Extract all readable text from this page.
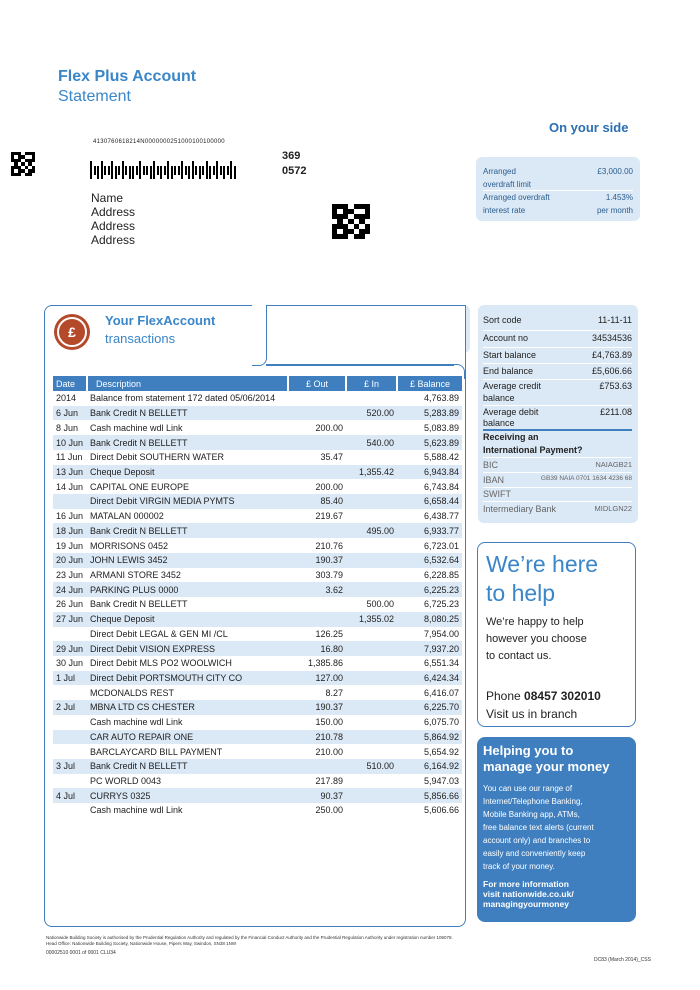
Flex Plus Account
Statement
On your side
4130760618214N0000000251000100100000
369
0572
Name
Address
Address
Address
Arranged	£3,000.00
overdraft limit
Arranged overdraft	1.453%
interest rate	per month
£
Your FlexAccount
transactions
Date	Description	£ Out	£ In	£ Balance
2014	Balance from statement 172 dated 05/06/2014			4,763.89
6 Jun	Bank Credit N BELLETT		520.00	5,283.89
8 Jun	Cash machine wdl Link	200.00		5,083.89
10 Jun	Bank Credit N BELLETT		540.00	5,623.89
11 Jun	Direct Debit SOUTHERN WATER	35.47		5,588.42
13 Jun	Cheque Deposit		1,355.42	6,943.84
14 Jun	CAPITAL ONE EUROPE	200.00		6,743.84
	Direct Debit VIRGIN MEDIA PYMTS	85.40		6,658.44
16 Jun	MATALAN 000002	219.67		6,438.77
18 Jun	Bank Credit N BELLETT		495.00	6,933.77
19 Jun	MORRISONS 0452	210.76		6,723.01
20 Jun	JOHN LEWIS 3452	190.37		6,532.64
23 Jun	ARMANI STORE 3452	303.79		6,228.85
24 Jun	PARKING PLUS 0000	3.62		6,225.23
26 Jun	Bank Credit N BELLETT		500.00	6,725.23
27 Jun	Cheque Deposit		1,355.02	8,080.25
	Direct Debit LEGAL & GEN MI /CL	126.25		7,954.00
29 Jun	Direct Debit VISION EXPRESS	16.80		7,937.20
30 Jun	Direct Debit MLS PO2 WOOLWICH	1,385.86		6,551.34
1 Jul	Direct Debit PORTSMOUTH CITY CO	127.00		6,424.34
	MCDONALDS REST	8.27		6,416.07
2 Jul	MBNA LTD CS CHESTER	190.37		6,225.70
	Cash machine wdl Link	150.00		6,075.70
	CAR AUTO REPAIR ONE	210.78		5,864.92
	BARCLAYCARD BILL PAYMENT	210.00		5,654.92
3 Jul	Bank Credit N BELLETT		510.00	6,164.92
	PC WORLD 0043	217.89		5,947.03
4 Jul	CURRYS 0325	90.37		5,856.66
	Cash machine wdl Link	250.00		5,606.66
Sort code	11-11-11
Account no	34534536
Start balance	£4,763.89
End balance	£5,606.66
Average credit	£753.63
balance
Average debit	£211.08
balance
Receiving an
International Payment?
BIC	NAIAGB21
IBAN	GB39 NAIA 0701 1634 4236 68
SWIFT
Intermediary Bank	MIDLGN22
We’re here
to help
We’re happy to help
however you choose
to contact us.
Phone 08457 302010
Visit us in branch
Helping you to
manage your money
You can use our range of
Internet/Telephone Banking,
Mobile Banking app, ATMs,
free balance text alerts (current
account only) and branches to
easily and conveniently keep
track of your money.
For more information
visit nationwide.co.uk/
managingyourmoney
Nationwide Building Society is authorised by the Prudential Regulation Authority and regulated by the Financial Conduct Authority and the Prudential Regulation Authority under registration number 106078.
Head Office: Nationwide Building Society, Nationwide House, Pipers Way, Swindon, SN38 1NW
00002510 0001 of 0001 CLU34
DC83 (March 2014)_CSS
